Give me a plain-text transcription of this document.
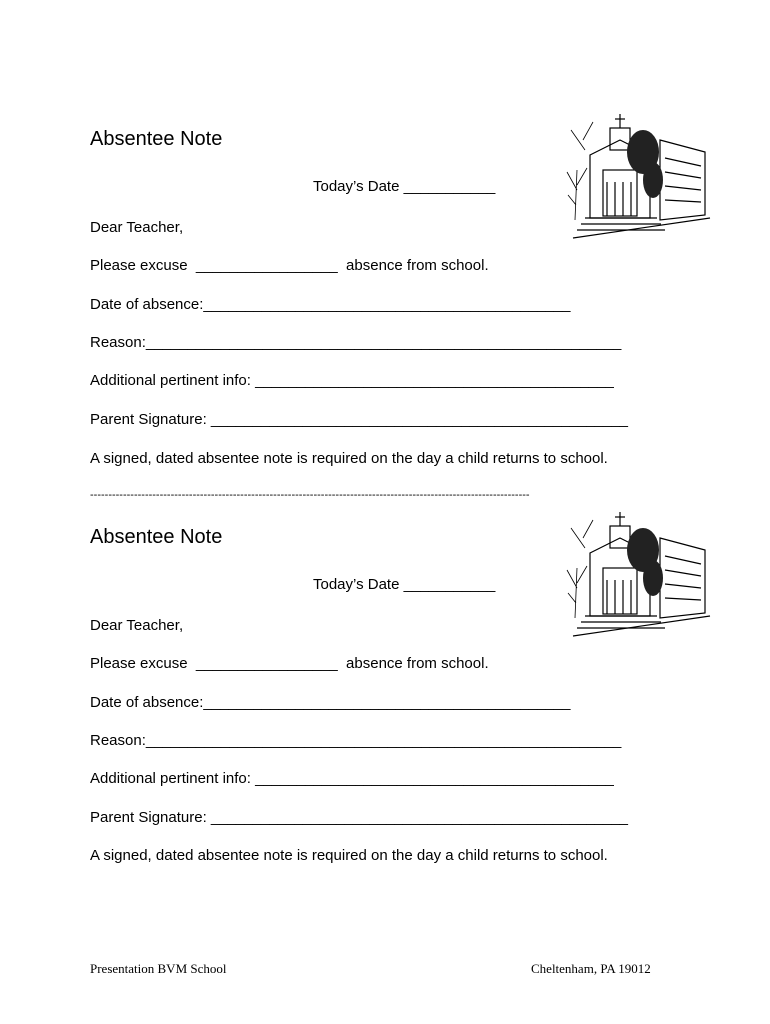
Absentee Note
Today’s Date ___________
Dear Teacher,
Please excuse  _________________  absence from school.
Date of absence:____________________________________________
Reason:_________________________________________________________
Additional pertinent info: ___________________________________________
Parent Signature: __________________________________________________
A signed, dated absentee note is required on the day a child returns to school.
------------------------------------------------------------------------------------------------------------------------
Absentee Note
Today’s Date ___________
Dear Teacher,
Please excuse  _________________  absence from school.
Date of absence:____________________________________________
Reason:_________________________________________________________
Additional pertinent info: ___________________________________________
Parent Signature: __________________________________________________
A signed, dated absentee note is required on the day a child returns to school.
Presentation BVM School	Cheltenham, PA 19012
